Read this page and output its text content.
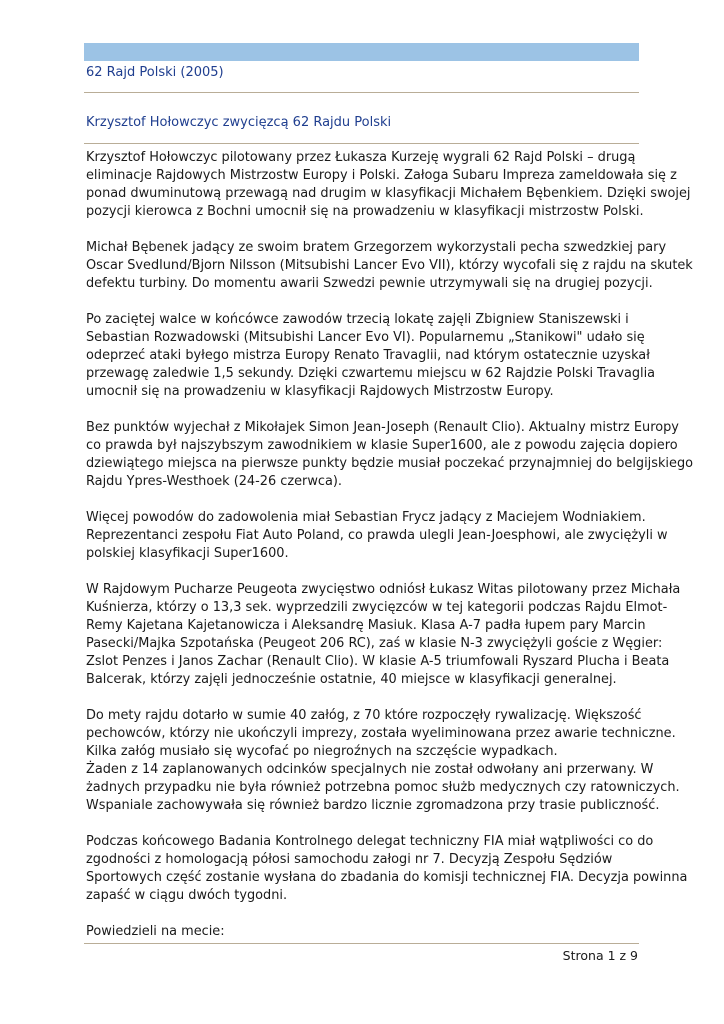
62 Rajd Polski (2005)
Krzysztof Hołowczyc zwycięzcą 62 Rajdu Polski

Krzysztof Hołowczyc pilotowany przez Łukasza Kurzeję wygrali 62 Rajd Polski – drugą
eliminacje Rajdowych Mistrzostw Europy i Polski. Załoga Subaru Impreza zameldowała się z
ponad dwuminutową przewagą nad drugim w klasyfikacji Michałem Bębenkiem. Dzięki swojej
pozycji kierowca z Bochni umocnił się na prowadzeniu w klasyfikacji mistrzostw Polski.

Michał Bębenek jadący ze swoim bratem Grzegorzem wykorzystali pecha szwedzkiej pary
Oscar Svedlund/Bjorn Nilsson (Mitsubishi Lancer Evo VII), którzy wycofali się z rajdu na skutek
defektu turbiny. Do momentu awarii Szwedzi pewnie utrzymywali się na drugiej pozycji.

Po zaciętej walce w końcówce zawodów trzecią lokatę zajęli Zbigniew Staniszewski i
Sebastian Rozwadowski (Mitsubishi Lancer Evo VI). Popularnemu „Stanikowi" udało się
odeprzeć ataki byłego mistrza Europy Renato Travaglii, nad którym ostatecznie uzyskał
przewagę zaledwie 1,5 sekundy. Dzięki czwartemu miejscu w 62 Rajdzie Polski Travaglia
umocnił się na prowadzeniu w klasyfikacji Rajdowych Mistrzostw Europy.

Bez punktów wyjechał z Mikołajek Simon Jean-Joseph (Renault Clio). Aktualny mistrz Europy
co prawda był najszybszym zawodnikiem w klasie Super1600, ale z powodu zajęcia dopiero
dziewiątego miejsca na pierwsze punkty będzie musiał poczekać przynajmniej do belgijskiego
Rajdu Ypres-Westhoek (24-26 czerwca).

Więcej powodów do zadowolenia miał Sebastian Frycz jadący z Maciejem Wodniakiem.
Reprezentanci zespołu Fiat Auto Poland, co prawda ulegli Jean-Joesphowi, ale zwyciężyli w
polskiej klasyfikacji Super1600.

W Rajdowym Pucharze Peugeota zwycięstwo odniósł Łukasz Witas pilotowany przez Michała
Kuśnierza, którzy o 13,3 sek. wyprzedzili zwycięzców w tej kategorii podczas Rajdu Elmot-
Remy Kajetana Kajetanowicza i Aleksandrę Masiuk. Klasa A-7 padła łupem pary Marcin
Pasecki/Majka Szpotańska (Peugeot 206 RC), zaś w klasie N-3 zwyciężyli goście z Węgier:
Zslot Penzes i Janos Zachar (Renault Clio). W klasie A-5 triumfowali Ryszard Plucha i Beata
Balcerak, którzy zajęli jednocześnie ostatnie, 40 miejsce w klasyfikacji generalnej.

Do mety rajdu dotarło w sumie 40 załóg, z 70 które rozpoczęły rywalizację. Większość
pechowców, którzy nie ukończyli imprezy, została wyeliminowana przez awarie techniczne.
Kilka załóg musiało się wycofać po niegroźnych na szczęście wypadkach.
Żaden z 14 zaplanowanych odcinków specjalnych nie został odwołany ani przerwany. W
żadnych przypadku nie była również potrzebna pomoc służb medycznych czy ratowniczych.
Wspaniale zachowywała się również bardzo licznie zgromadzona przy trasie publiczność.

Podczas końcowego Badania Kontrolnego delegat techniczny FIA miał wątpliwości co do
zgodności z homologacją półosi samochodu załogi nr 7. Decyzją Zespołu Sędziów
Sportowych część zostanie wysłana do zbadania do komisji technicznej FIA. Decyzja powinna
zapaść w ciągu dwóch tygodni.

Powiedzieli na mecie:

Strona 1 z 9
